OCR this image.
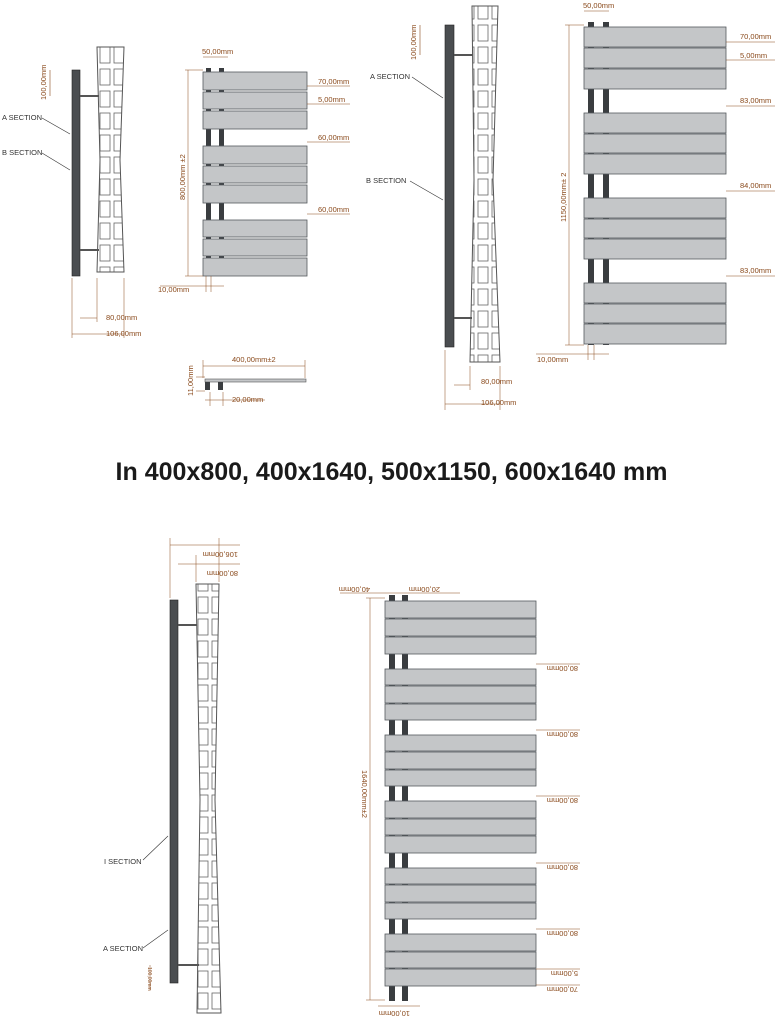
100,00mm
A SECTION
B SECTION
80,00mm
106,00mm
50,00mm
70,00mm
5,00mm
60,00mm
60,00mm
800,00mm ±2
10,00mm
400,00mm±2
11,00mm
20,00mm
100,00mm
A SECTION
B SECTION
80,00mm
106,00mm
50,00mm
70,00mm
5,00mm
83,00mm
84,00mm
83,00mm
1150,00mm± 2
10,00mm
106,00mm
80,00mm
I SECTION
A SECTION
100,00mm
40,00mm	20,00mm
80,00mm
80,00mm
80,00mm
80,00mm
80,00mm
5,00mm
70,00mm
1640,00mm±2
10,00mm
In 400x800, 400x1640, 500x1150, 600x1640 mm
